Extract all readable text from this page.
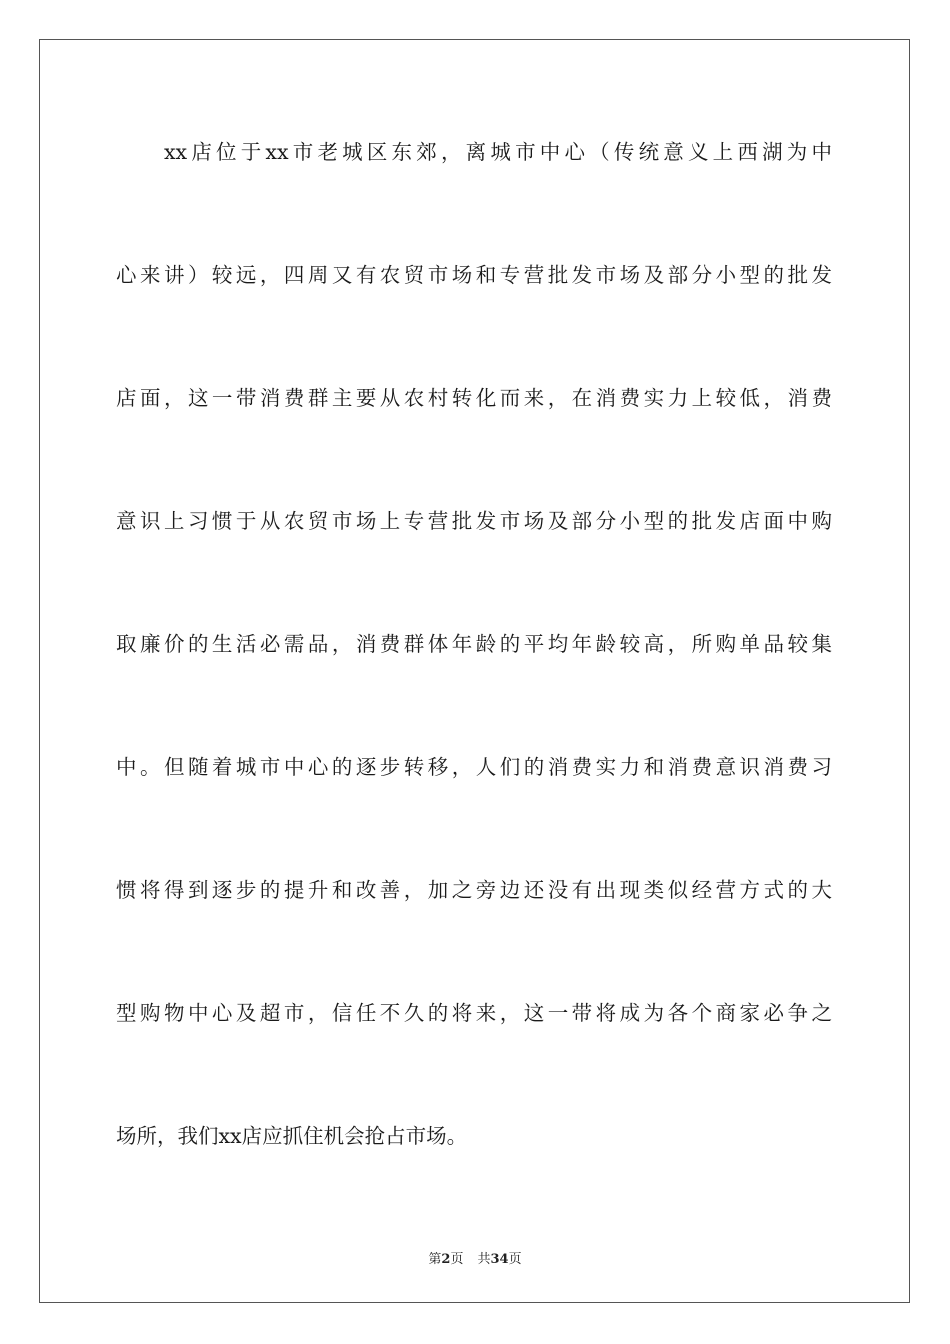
xx店位于xx市老城区东郊，离城市中心（传统意义上西湖为中
心来讲）较远，四周又有农贸市场和专营批发市场及部分小型的批发
店面，这一带消费群主要从农村转化而来，在消费实力上较低，消费
意识上习惯于从农贸市场上专营批发市场及部分小型的批发店面中购
取廉价的生活必需品，消费群体年龄的平均年龄较高，所购单品较集
中。但随着城市中心的逐步转移，人们的消费实力和消费意识消费习
惯将得到逐步的提升和改善，加之旁边还没有出现类似经营方式的大
型购物中心及超市，信任不久的将来，这一带将成为各个商家必争之
场所，我们xx店应抓住机会抢占市场。
第2页 共34页
